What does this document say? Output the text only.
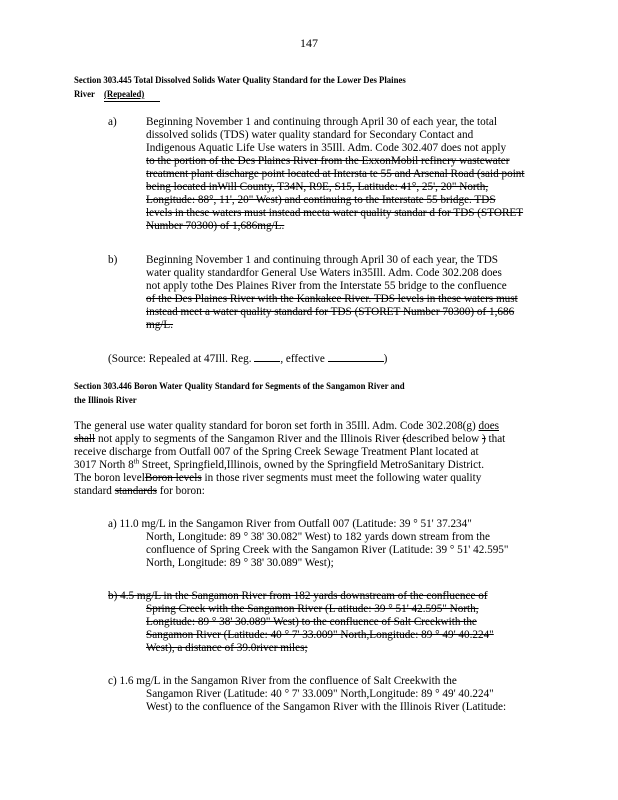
147
Section 303.445 Total Dissolved Solids Water Quality Standard for the Lower Des Plaines
River (Repealed)
a)	Beginning November 1 and continuing through April 30 of each year, the total
dissolved solids (TDS) water quality standard for Secondary Contact and
Indigenous Aquatic Life Use waters in 35Ill. Adm. Code 302.407 does not apply
to the portion of the Des Plaines River from the ExxonMobil refinery wastewater
treatment plant discharge point located at Intersta te 55 and Arsenal Road (said point
being located inWill County, T34N, R9E, S15, Latitude: 41°, 25', 20" North,
Longitude: 88°, 11', 20" West) and continuing to the Interstate 55 bridge. TDS
levels in these waters must instead meeta water quality standar d for TDS (STORET
Number 70300) of 1,686mg/L.
b)	Beginning November 1 and continuing through April 30 of each year, the TDS
water quality standardfor General Use Waters in35Ill. Adm. Code 302.208 does
not apply tothe Des Plaines River from the Interstate 55 bridge to the confluence
of the Des Plaines River with the Kankakee River. TDS levels in these waters must
instead meet a water quality standard for TDS (STORET Number 70300) of 1,686
mg/L.
(Source: Repealed at 47Ill. Reg.	, effective	)
Section 303.446 Boron Water Quality Standard for Segments of the Sangamon River and
the Illinois River
The general use water quality standard for boron set forth in 35Ill. Adm. Code 302.208(g) does
shall not apply to segments of the Sangamon River and the Illinois River (described below ) that
receive discharge from Outfall 007 of the Spring Creek Sewage Treatment Plant located at
3017 North 8th Street, Springfield,Illinois, owned by the Springfield MetroSanitary District.
The boron levelBoron levels in those river segments must meet the following water quality
standard standards for boron:
a) 11.0 mg/L in the Sangamon River from Outfall 007 (Latitude: 39 ° 51' 37.234"
North, Longitude: 89 ° 38' 30.082" West) to 182 yards down stream from the
confluence of Spring Creek with the Sangamon River (Latitude: 39 ° 51' 42.595"
North, Longitude: 89 ° 38' 30.089" West);
b) 4.5 mg/L in the Sangamon River from 182 yards downstream of the confluence of
Spring Creek with the Sangamon River (L atitude: 39 ° 51' 42.595" North,
Longitude: 89 ° 38' 30.089" West) to the confluence of Salt Creekwith the
Sangamon River (Latitude: 40 ° 7' 33.009" North,Longitude: 89 ° 49' 40.224"
West), a distance of 39.0river miles;
c) 1.6 mg/L in the Sangamon River from the confluence of Salt Creekwith the
Sangamon River (Latitude: 40 ° 7' 33.009" North,Longitude: 89 ° 49' 40.224"
West) to the confluence of the Sangamon River with the Illinois River (Latitude:
